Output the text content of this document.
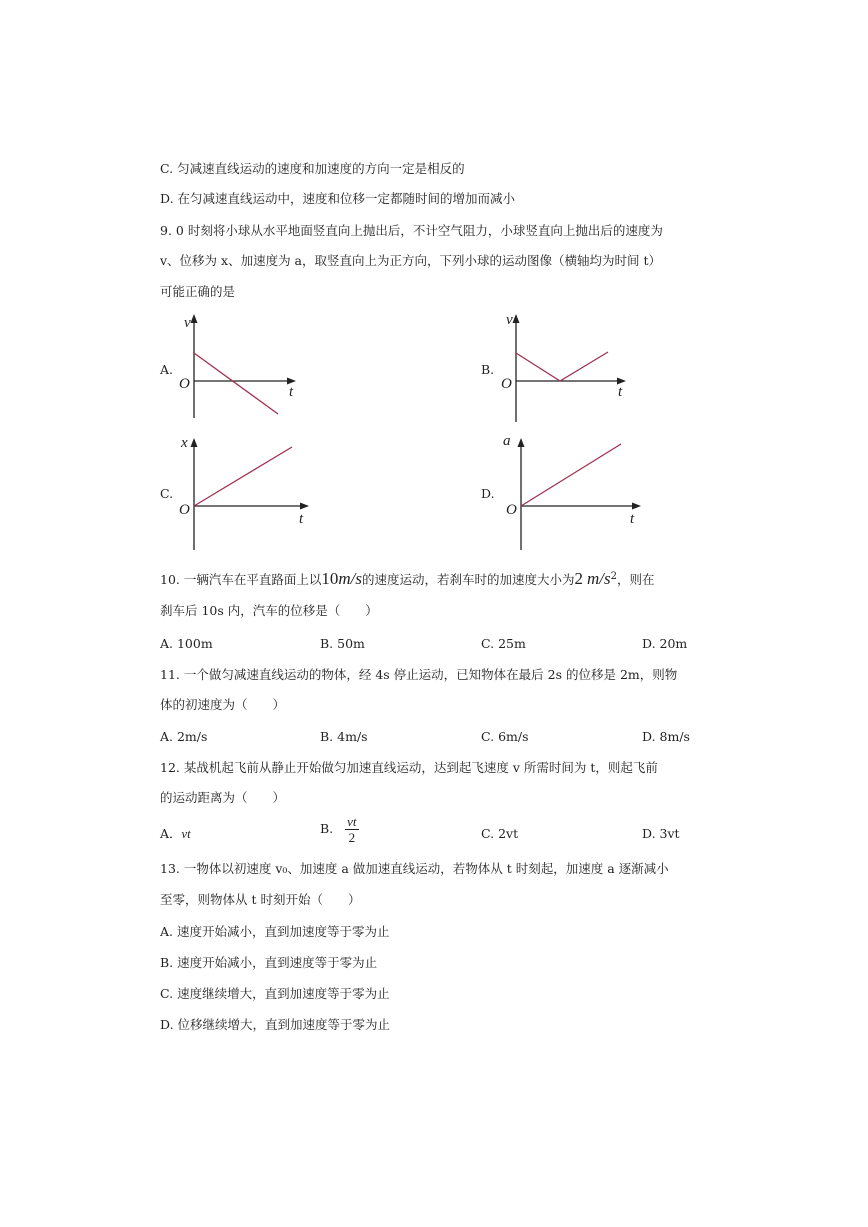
C. 匀减速直线运动的速度和加速度的方向一定是相反的
D. 在匀减速直线运动中，速度和位移一定都随时间的增加而减小
9. 0 时刻将小球从水平地面竖直向上抛出后，不计空气阻力，小球竖直向上抛出后的速度为
v、位移为 x、加速度为 a，取竖直向上为正方向，下列小球的运动图像（横轴均为时间 t）
可能正确的是
A.
v
t
O
B.
v
t
O
C.
x
t
O
D.
a
t
O
10. 一辆汽车在平直路面上以10m/s的速度运动，若刹车时的加速度大小为2 $m/s^2$，则在
刹车后 10s 内，汽车的位移是（　　）
A. 100m	B. 50m	C. 25m	D. 20m
11. 一个做匀减速直线运动的物体，经 4s 停止运动，已知物体在最后 2s 的位移是 2m，则物
体的初速度为（　　）
A. 2m/s	B. 4m/s	C. 6m/s	D. 8m/s
12. 某战机起飞前从静止开始做匀加速直线运动，达到起飞速度 v 所需时间为 t，则起飞前
的运动距离为（　　）
A．vt	B. $\frac{vt}{2}$	C. 2vt	D. 3vt
13. 一物体以初速度 v₀、加速度 a 做加速直线运动，若物体从 t 时刻起，加速度 a 逐渐减小
至零，则物体从 t 时刻开始（　　）
A. 速度开始减小，直到加速度等于零为止
B. 速度开始减小，直到速度等于零为止
C. 速度继续增大，直到加速度等于零为止
D. 位移继续增大，直到加速度等于零为止
